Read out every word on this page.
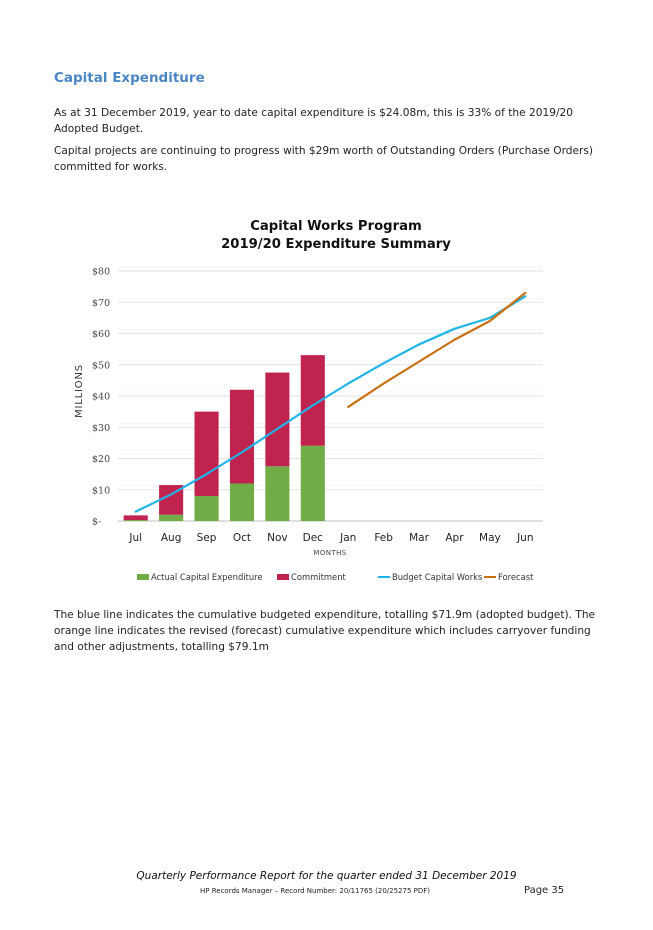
Capital Expenditure
As at 31 December 2019, year to date capital expenditure is $24.08m, this is 33% of the 2019/20 Adopted Budget.
Capital projects are continuing to progress with $29m worth of Outstanding Orders (Purchase Orders) committed for works.
Capital Works Program
2019/20 Expenditure Summary
$-
$10
$20
$30
$40
$50
$60
$70
$80
Jul Aug Sep Oct Nov Dec Jan Feb Mar Apr May Jun
MILLIONS
MONTHS
Actual Capital Expenditure	Commitment	Budget Capital Works Forecast
The blue line indicates the cumulative budgeted expenditure, totalling $71.9m (adopted budget). The orange line indicates the revised (forecast) cumulative expenditure which includes carryover funding and other adjustments, totalling $79.1m
Quarterly Performance Report for the quarter ended 31 December 2019
HP Records Manager – Record Number: 20/11765 (20/25275 PDF)	Page 35
